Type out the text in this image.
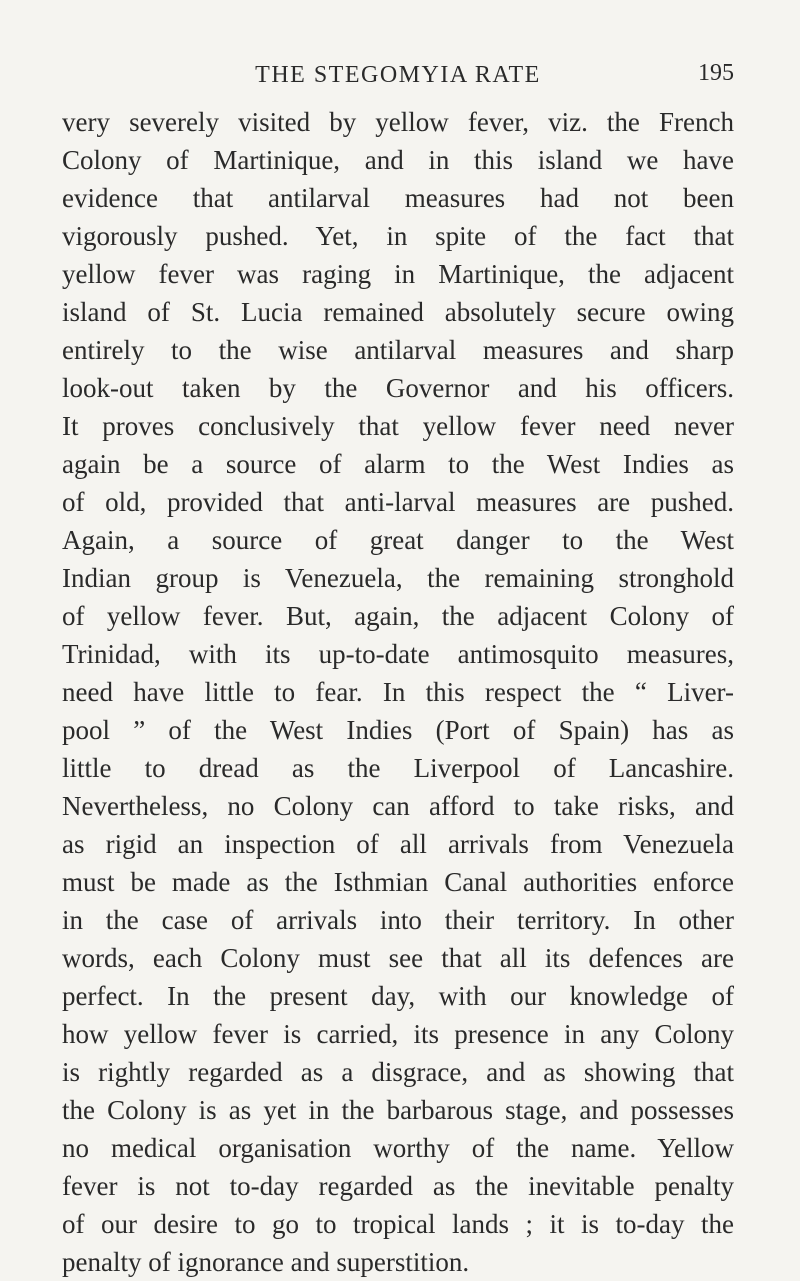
THE STEGOMYIA RATE	195
very severely visited by yellow fever, viz. the French
Colony of Martinique, and in this island we have
evidence that antilarval measures had not been
vigorously pushed. Yet, in spite of the fact that
yellow fever was raging in Martinique, the adjacent
island of St. Lucia remained absolutely secure owing
entirely to the wise antilarval measures and sharp
look-out taken by the Governor and his officers.
It proves conclusively that yellow fever need never
again be a source of alarm to the West Indies as
of old, provided that anti-larval measures are pushed.
Again, a source of great danger to the West
Indian group is Venezuela, the remaining stronghold
of yellow fever. But, again, the adjacent Colony of
Trinidad, with its up-to-date antimosquito measures,
need have little to fear. In this respect the “ Liver-
pool ” of the West Indies (Port of Spain) has as
little to dread as the Liverpool of Lancashire.
Nevertheless, no Colony can afford to take risks, and
as rigid an inspection of all arrivals from Venezuela
must be made as the Isthmian Canal authorities enforce
in the case of arrivals into their territory. In other
words, each Colony must see that all its defences are
perfect. In the present day, with our knowledge of
how yellow fever is carried, its presence in any Colony
is rightly regarded as a disgrace, and as showing that
the Colony is as yet in the barbarous stage, and possesses
no medical organisation worthy of the name. Yellow
fever is not to-day regarded as the inevitable penalty
of our desire to go to tropical lands ; it is to-day the
penalty of ignorance and superstition.
